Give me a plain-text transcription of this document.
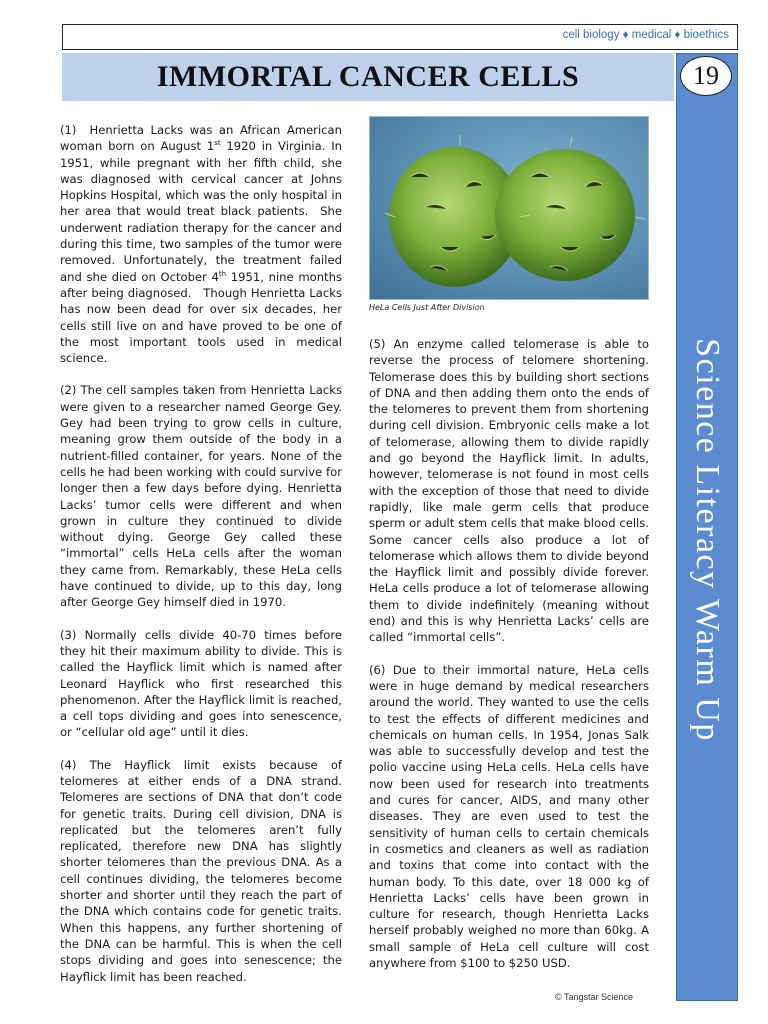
cell biology ♦ medical ♦ bioethics
IMMORTAL CANCER CELLS	19
Science Literacy Warm Up

(1)  Henrietta Lacks was an African American woman born on August 1st 1920 in Virginia. In 1951, while pregnant with her fifth child, she was diagnosed with cervical cancer at Johns Hopkins Hospital, which was the only hospital in her area that would treat black patients.  She underwent radiation therapy for the cancer and during this time, two samples of the tumor were removed. Unfortunately, the treatment failed and she died on October 4th 1951, nine months after being diagnosed.   Though Henrietta Lacks has now been dead for over six decades, her cells still live on and have proved to be one of the most important tools used in medical science.

(2) The cell samples taken from Henrietta Lacks were given to a researcher named George Gey. Gey had been trying to grow cells in culture, meaning grow them outside of the body in a nutrient-filled container, for years. None of the cells he had been working with could survive for longer then a few days before dying. Henrietta Lacks’ tumor cells were different and when grown in culture they continued to divide without dying. George Gey called these “immortal” cells HeLa cells after the woman they came from. Remarkably, these HeLa cells have continued to divide, up to this day, long after George Gey himself died in 1970.

(3) Normally cells divide 40-70 times before they hit their maximum ability to divide. This is called the Hayflick limit which is named after Leonard Hayflick who first researched this phenomenon. After the Hayflick limit is reached, a cell tops dividing and goes into senescence, or “cellular old age” until it dies.

(4) The Hayflick limit exists because of telomeres at either ends of a DNA strand. Telomeres are sections of DNA that don’t code for genetic traits. During cell division, DNA is replicated but the telomeres aren’t fully replicated, therefore new DNA has slightly shorter telomeres than the previous DNA. As a cell continues dividing, the telomeres become shorter and shorter until they reach the part of the DNA which contains code for genetic traits. When this happens, any further shortening of the DNA can be harmful. This is when the cell stops dividing and goes into senescence; the Hayflick limit has been reached.

HeLa Cells Just After Division

(5) An enzyme called telomerase is able to reverse the process of telomere shortening. Telomerase does this by building short sections of DNA and then adding them onto the ends of the telomeres to prevent them from shortening during cell division. Embryonic cells make a lot of telomerase, allowing them to divide rapidly and go beyond the Hayflick limit. In adults, however, telomerase is not found in most cells with the exception of those that need to divide rapidly, like male germ cells that produce sperm or adult stem cells that make blood cells. Some cancer cells also produce a lot of telomerase which allows them to divide beyond the Hayflick limit and possibly divide forever. HeLa cells produce a lot of telomerase allowing them to divide indefinitely (meaning without end) and this is why Henrietta Lacks’ cells are called “immortal cells”.

(6) Due to their immortal nature, HeLa cells were in huge demand by medical researchers around the world. They wanted to use the cells to test the effects of different medicines and chemicals on human cells. In 1954, Jonas Salk was able to successfully develop and test the polio vaccine using HeLa cells. HeLa cells have now been used for research into treatments and cures for cancer, AIDS, and many other diseases. They are even used to test the sensitivity of human cells to certain chemicals in cosmetics and cleaners as well as radiation and toxins that come into contact with the human body. To this date, over 18 000 kg of Henrietta Lacks’ cells have been grown in culture for research, though Henrietta Lacks herself probably weighed no more than 60kg. A small sample of HeLa cell culture will cost anywhere from $100 to $250 USD.

© Tangstar Science
